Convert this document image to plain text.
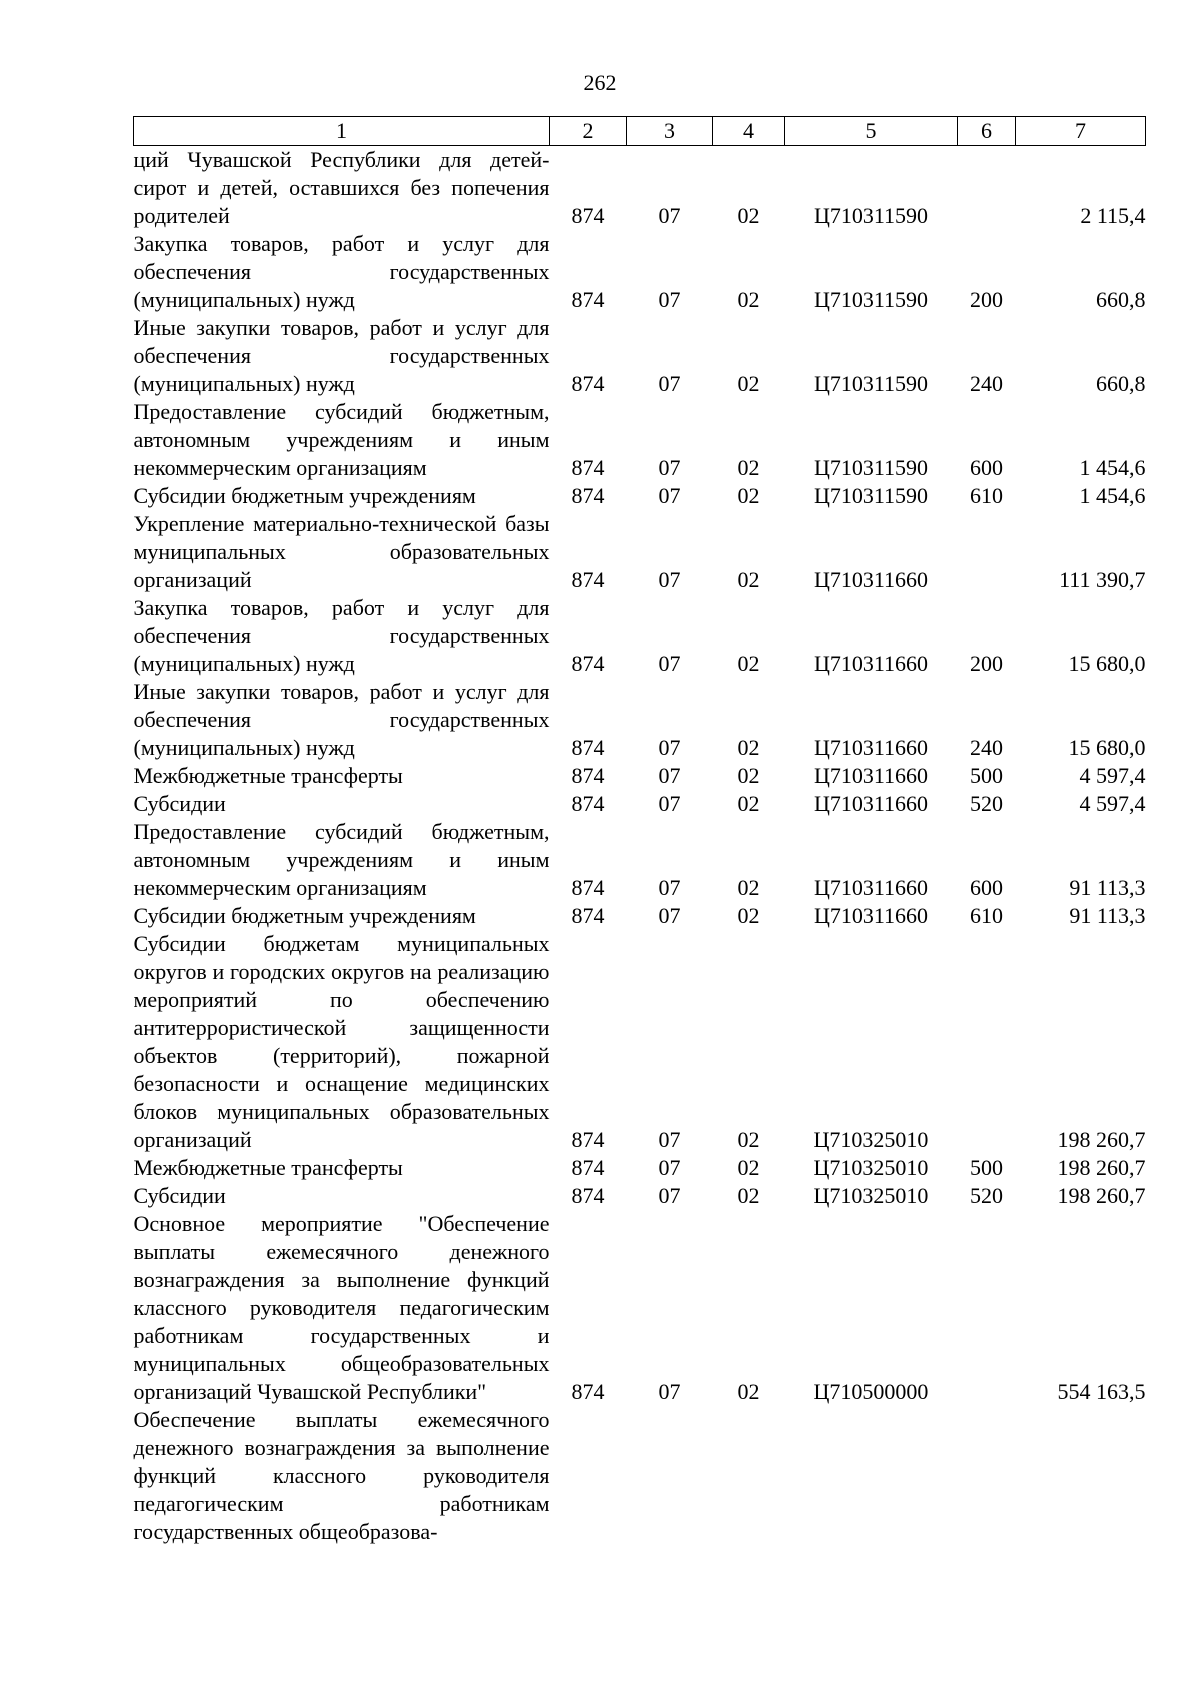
262
1	2	3	4	5	6	7
ций Чувашской Республики для детей-сирот и детей, оставшихся без попечения родителей	874	07	02	Ц710311590		2 115,4
Закупка товаров, работ и услуг для обеспечения государственных (муниципальных) нужд	874	07	02	Ц710311590	200	660,8
Иные закупки товаров, работ и услуг для обеспечения государственных (муниципальных) нужд	874	07	02	Ц710311590	240	660,8
Предоставление субсидий бюджетным, автономным учреждениям и иным некоммерческим организациям	874	07	02	Ц710311590	600	1 454,6
Субсидии бюджетным учреждениям	874	07	02	Ц710311590	610	1 454,6
Укрепление материально-технической базы муниципальных образовательных организаций	874	07	02	Ц710311660		111 390,7
Закупка товаров, работ и услуг для обеспечения государственных (муниципальных) нужд	874	07	02	Ц710311660	200	15 680,0
Иные закупки товаров, работ и услуг для обеспечения государственных (муниципальных) нужд	874	07	02	Ц710311660	240	15 680,0
Межбюджетные трансферты	874	07	02	Ц710311660	500	4 597,4
Субсидии	874	07	02	Ц710311660	520	4 597,4
Предоставление субсидий бюджетным, автономным учреждениям и иным некоммерческим организациям	874	07	02	Ц710311660	600	91 113,3
Субсидии бюджетным учреждениям	874	07	02	Ц710311660	610	91 113,3
Субсидии бюджетам муниципальных округов и городских округов на реализацию мероприятий по обеспечению антитеррористической защищенности объектов (территорий), пожарной безопасности и оснащение медицинских блоков муниципальных образовательных организаций	874	07	02	Ц710325010		198 260,7
Межбюджетные трансферты	874	07	02	Ц710325010	500	198 260,7
Субсидии	874	07	02	Ц710325010	520	198 260,7
Основное мероприятие "Обеспечение выплаты ежемесячного денежного вознаграждения за выполнение функций классного руководителя педагогическим работникам государственных и муниципальных общеобразовательных организаций Чувашской Республики"	874	07	02	Ц710500000		554 163,5
Обеспечение выплаты ежемесячного денежного вознаграждения за выполнение функций классного руководителя педагогическим работникам государственных общеобразова-						
